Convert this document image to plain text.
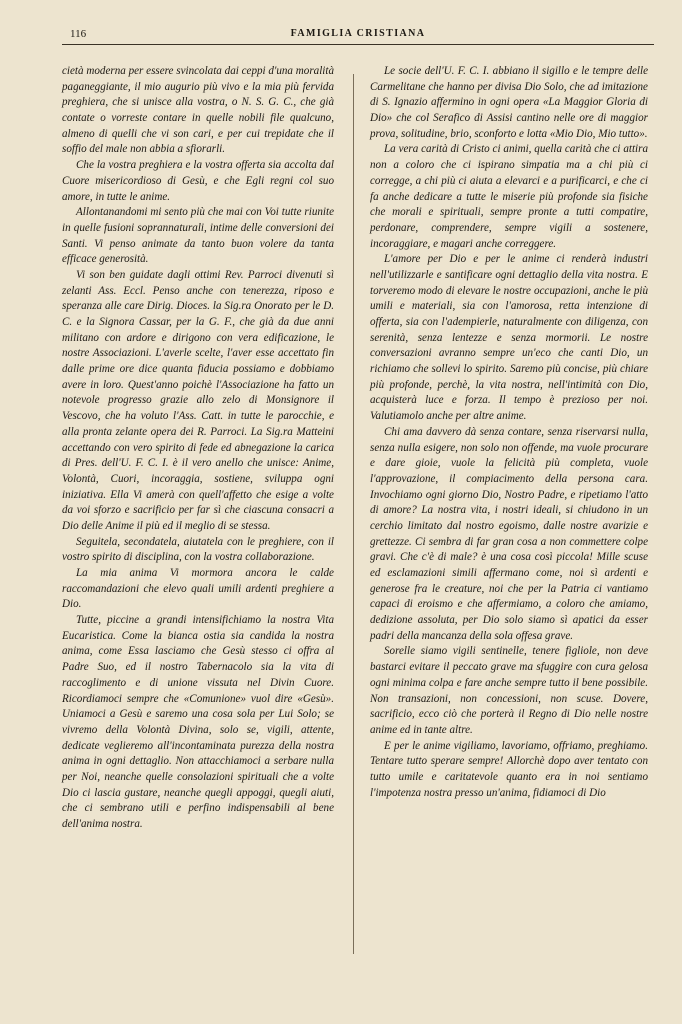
116	FAMIGLIA CRISTIANA

cietà moderna per essere svincolata dai ceppi d'una moralità paganeggiante, il mio augurio più vivo e la mia più fervida preghiera, che si unisce alla vostra, o N. S. G. C., che già contate o vorreste contare in quelle nobili file qualcuno, almeno di quelli che vi son cari, e per cui trepidate che il soffio del male non abbia a sfiorarli.

Che la vostra preghiera e la vostra offerta sia accolta dal Cuore misericordioso di Gesù, e che Egli regni col suo amore, in tutte le anime.

Allontanandomi mi sento più che mai con Voi tutte riunite in quelle fusioni soprannaturali, intime delle conversioni dei Santi. Vi penso animate da tanto buon volere da tanta efficace generosità.

Vi son ben guidate dagli ottimi Rev. Parroci divenuti sì zelanti Ass. Eccl. Penso anche con tenerezza, riposo e speranza alle care Dirig. Dioces. la Sig.ra Onorato per le D. C. e la Signora Cassar, per la G. F., che già da due anni militano con ardore e dirigono con vera edificazione, le nostre Associazioni. L'averle scelte, l'aver esse accettato fin dalle prime ore dice quanta fiducia possiamo e dobbiamo avere in loro. Quest'anno poichè l'Associazione ha fatto un notevole progresso grazie allo zelo di Monsignore il Vescovo, che ha voluto l'Ass. Catt. in tutte le parocchie, e alla pronta zelante opera dei R. Parroci. La Sig.ra Matteini accettando con vero spirito di fede ed abnegazione la carica di Pres. dell'U. F. C. I. è il vero anello che unisce: Anime, Volontà, Cuori, incoraggia, sostiene, sviluppa ogni iniziativa. Ella Vi amerà con quell'affetto che esige a volte da voi sforzo e sacrificio per far sì che ciascuna consacri a Dio delle Anime il più ed il meglio di se stessa.

Seguitela, secondatela, aiutatela con le preghiere, con il vostro spirito di disciplina, con la vostra collaborazione.

La mia anima Vi mormora ancora le calde raccomandazioni che elevo quali umili ardenti preghiere a Dio.

Tutte, piccine a grandi intensifichiamo la nostra Vita Eucaristica. Come la bianca ostia sia candida la nostra anima, come Essa lasciamo che Gesù stesso ci offra al Padre Suo, ed il nostro Tabernacolo sia la vita di raccoglimento e di unione vissuta nel Divin Cuore. Ricordiamoci sempre che «Comunione» vuol dire «Gesù». Uniamoci a Gesù e saremo una cosa sola per Lui Solo; se vivremo della Volontà Divina, solo se, vigili, attente, dedicate veglieremo all'incontaminata purezza della nostra anima in ogni dettaglio. Non attacchiamoci a serbare nulla per Noi, neanche quelle consolazioni spirituali che a volte Dio ci lascia gustare, neanche quegli appoggi, quegli aiuti, che ci sembrano utili e perfino indispensabili al bene dell'anima nostra.

Le socie dell'U. F. C. I. abbiano il sigillo e le tempre delle Carmelitane che hanno per divisa Dio Solo, che ad imitazione di S. Ignazio affermino in ogni opera «La Maggior Gloria di Dio» che col Serafico di Assisi cantino nelle ore di maggior prova, solitudine, brio, sconforto e lotta «Mio Dio, Mio tutto».

La vera carità di Cristo ci animi, quella carità che ci attira non a coloro che ci ispirano simpatia ma a chi più ci corregge, a chi più ci aiuta a elevarci e a purificarci, e che ci fa anche dedicare a tutte le miserie più profonde sia fisiche che morali e spirituali, sempre pronte a tutti compatire, perdonare, comprendere, sempre vigili a sostenere, incoraggiare, e magari anche correggere.

L'amore per Dio e per le anime ci renderà industri nell'utilizzarle e santificare ogni dettaglio della vita nostra. E torveremo modo di elevare le nostre occupazioni, anche le più umili e materiali, sia con l'amorosa, retta intenzione di offerta, sia con l'adempierle, naturalmente con diligenza, con serenità, senza lentezze e senza mormorii. Le nostre conversazioni avranno sempre un'eco che canti Dio, un richiamo che sollevi lo spirito. Saremo più concise, più chiare più profonde, perchè, la vita nostra, nell'intimità con Dio, acquisterà luce e forza. Il tempo è prezioso per noi. Valutiamolo anche per altre anime.

Chi ama davvero dà senza contare, senza riservarsi nulla, senza nulla esigere, non solo non offende, ma vuole procurare e dare gioie, vuole la felicità più completa, vuole l'approvazione, il compiacimento della persona cara. Invochiamo ogni giorno Dio, Nostro Padre, e ripetiamo l'atto di amore? La nostra vita, i nostri ideali, si chiudono in un cerchio limitato dal nostro egoismo, dalle nostre avarizie e grettezze. Ci sembra di far gran cosa a non commettere colpe gravi. Che c'è di male? è una cosa così piccola! Mille scuse ed esclamazioni simili affermano come, noi sì ardenti e generose fra le creature, noi che per la Patria ci vantiamo capaci di eroismo e che affermiamo, a coloro che amiamo, dedizione assoluta, per Dio solo siamo sì apatici da esser padri della mancanza della sola offesa grave.

Sorelle siamo vigili sentinelle, tenere figliole, non deve bastarci evitare il peccato grave ma sfuggire con cura gelosa ogni minima colpa e fare anche sempre tutto il bene possibile. Non transazioni, non concessioni, non scuse. Dovere, sacrificio, ecco ciò che porterà il Regno di Dio nelle nostre anime ed in tante altre.

E per le anime vigiliamo, lavoriamo, offriamo, preghiamo. Tentare tutto sperare sempre! Allorchè dopo aver tentato con tutto umile e caritatevole quanto era in noi sentiamo l'impotenza nostra presso un'anima, fidiamoci di Dio
